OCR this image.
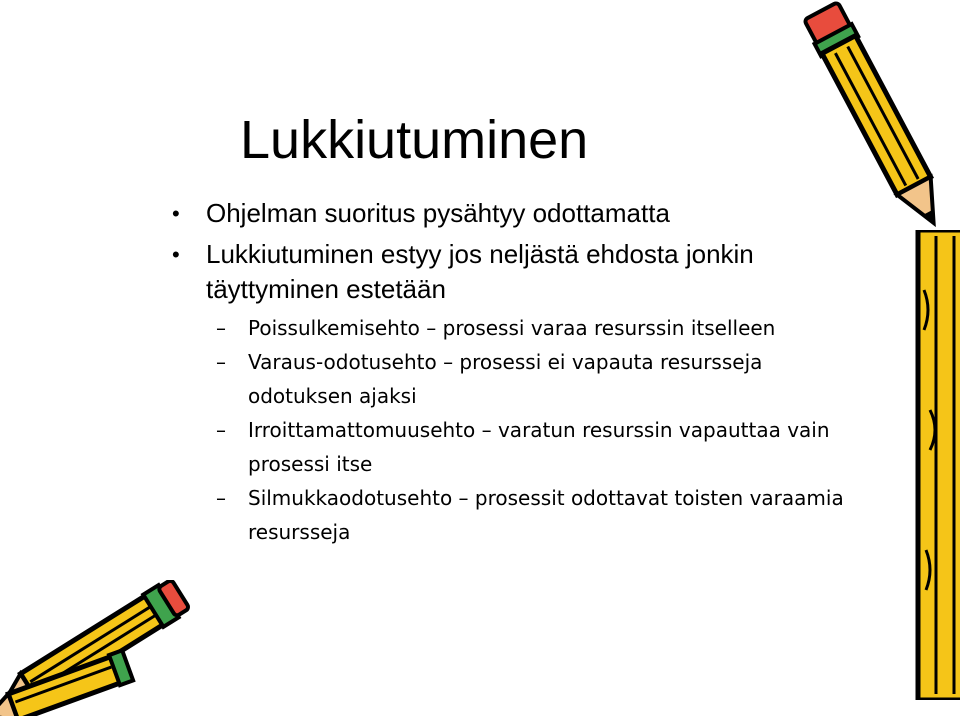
Lukkiutuminen
• Ohjelman suoritus pysähtyy odottamatta
• Lukkiutuminen estyy jos neljästä ehdosta jonkin täyttyminen estetään
– Poissulkemisehto – prosessi varaa resurssin itselleen
– Varaus-odotusehto – prosessi ei vapauta resursseja odotuksen ajaksi
– Irroittamattomuusehto – varatun resurssin vapauttaa vain prosessi itse
– Silmukkaodotusehto – prosessit odottavat toisten varaamia resursseja
